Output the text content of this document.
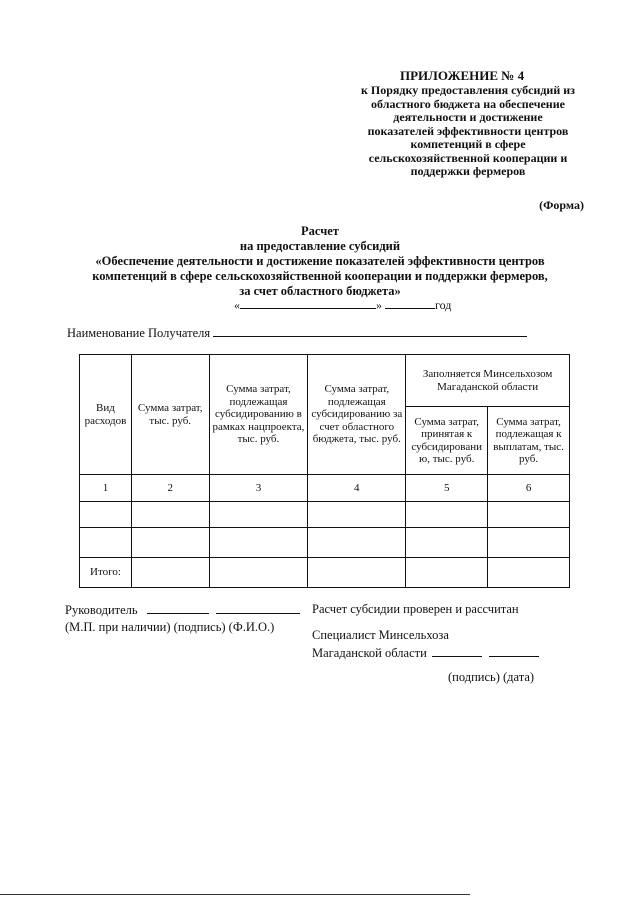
ПРИЛОЖЕНИЕ № 4
к Порядку предоставления субсидий из
областного бюджета на обеспечение
деятельности и достижение
показателей эффективности центров
компетенций в сфере
сельскохозяйственной кооперации и
поддержки фермеров
(Форма)
Расчет
на предоставление субсидий
«Обеспечение деятельности и достижение показателей эффективности центров
компетенций в сфере сельскохозяйственной кооперации и поддержки фермеров,
за счет областного бюджета»
«	»	год
Наименование Получателя
Вид расходов	Сумма затрат, тыс. руб.	Сумма затрат, подлежащая субсидированию в рамках нацпроекта, тыс. руб.	Сумма затрат, подлежащая субсидированию за счет областного бюджета, тыс. руб.	Заполняется Минсельхозом Магаданской области	
				Сумма затрат, принятая к субсидировани ю, тыс. руб.	Сумма затрат, подлежащая к выплатам, тыс. руб.
1	2	3	4	5	6

Итого:					
Руководитель
(М.П. при наличии) (подпись) (Ф.И.О.)
Расчет субсидии проверен и рассчитан
Специалист Минсельхоза
Магаданской области
(подпись) (дата)
